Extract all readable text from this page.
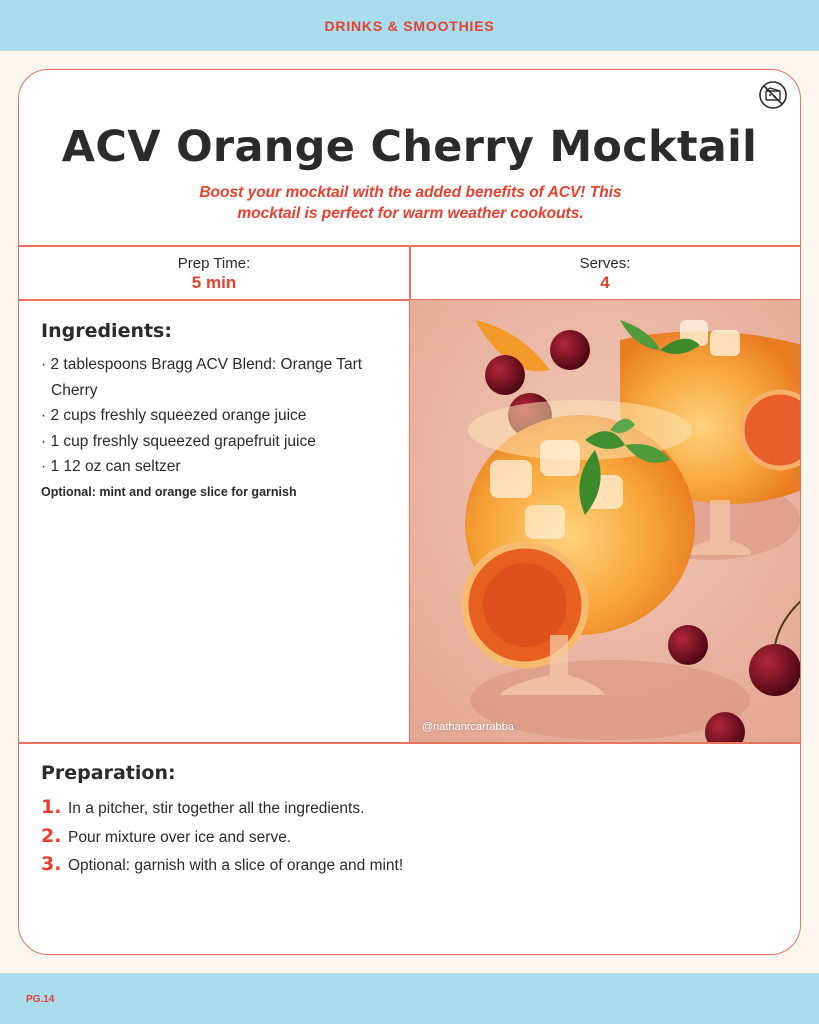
DRINKS & SMOOTHIES
ACV Orange Cherry Mocktail
Boost your mocktail with the added benefits of ACV! This
mocktail is perfect for warm weather cookouts.
Prep Time:
5 min
Serves:
4
Ingredients:
· 2 tablespoons Bragg ACV Blend: Orange Tart Cherry
· 2 cups freshly squeezed orange juice
· 1 cup freshly squeezed grapefruit juice
· 1 12 oz can seltzer
Optional: mint and orange slice for garnish
@nathanrcarrabba
Preparation:
1. In a pitcher, stir together all the ingredients.
2. Pour mixture over ice and serve.
3. Optional: garnish with a slice of orange and mint!
PG.14
